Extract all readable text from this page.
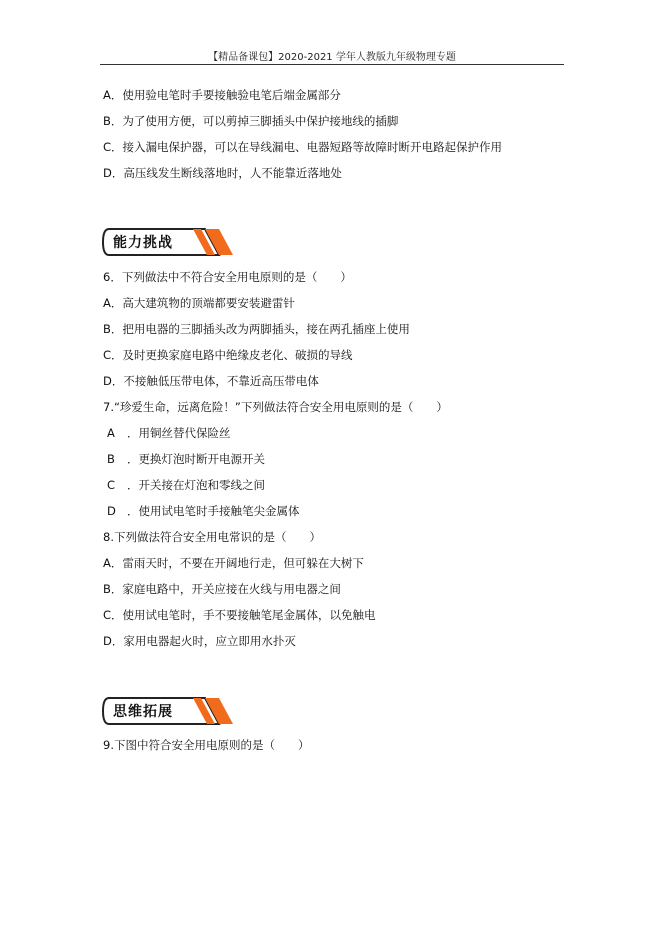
【精品备课包】2020-2021 学年人教版九年级物理专题
A．使用验电笔时手要接触验电笔后端金属部分
B．为了使用方便，可以剪掉三脚插头中保护接地线的插脚
C．接入漏电保护器，可以在导线漏电、电器短路等故障时断开电路起保护作用
D．高压线发生断线落地时，人不能靠近落地处
能力挑战
6．下列做法中不符合安全用电原则的是（　　）
A．高大建筑物的顶端都要安装避雷针
B．把用电器的三脚插头改为两脚插头，接在两孔插座上使用
C．及时更换家庭电路中绝缘皮老化、破损的导线
D．不接触低压带电体，不靠近高压带电体
7.“珍爱生命，远离危险！”下列做法符合安全用电原则的是（　　）
A ．用铜丝替代保险丝
B ．更换灯泡时断开电源开关
C ．开关接在灯泡和零线之间
D ．使用试电笔时手接触笔尖金属体
8.下列做法符合安全用电常识的是（　　）
A．雷雨天时，不要在开阔地行走，但可躲在大树下
B．家庭电路中，开关应接在火线与用电器之间
C．使用试电笔时，手不要接触笔尾金属体，以免触电
D．家用电器起火时，应立即用水扑灭
思维拓展
9.下图中符合安全用电原则的是（　　）
